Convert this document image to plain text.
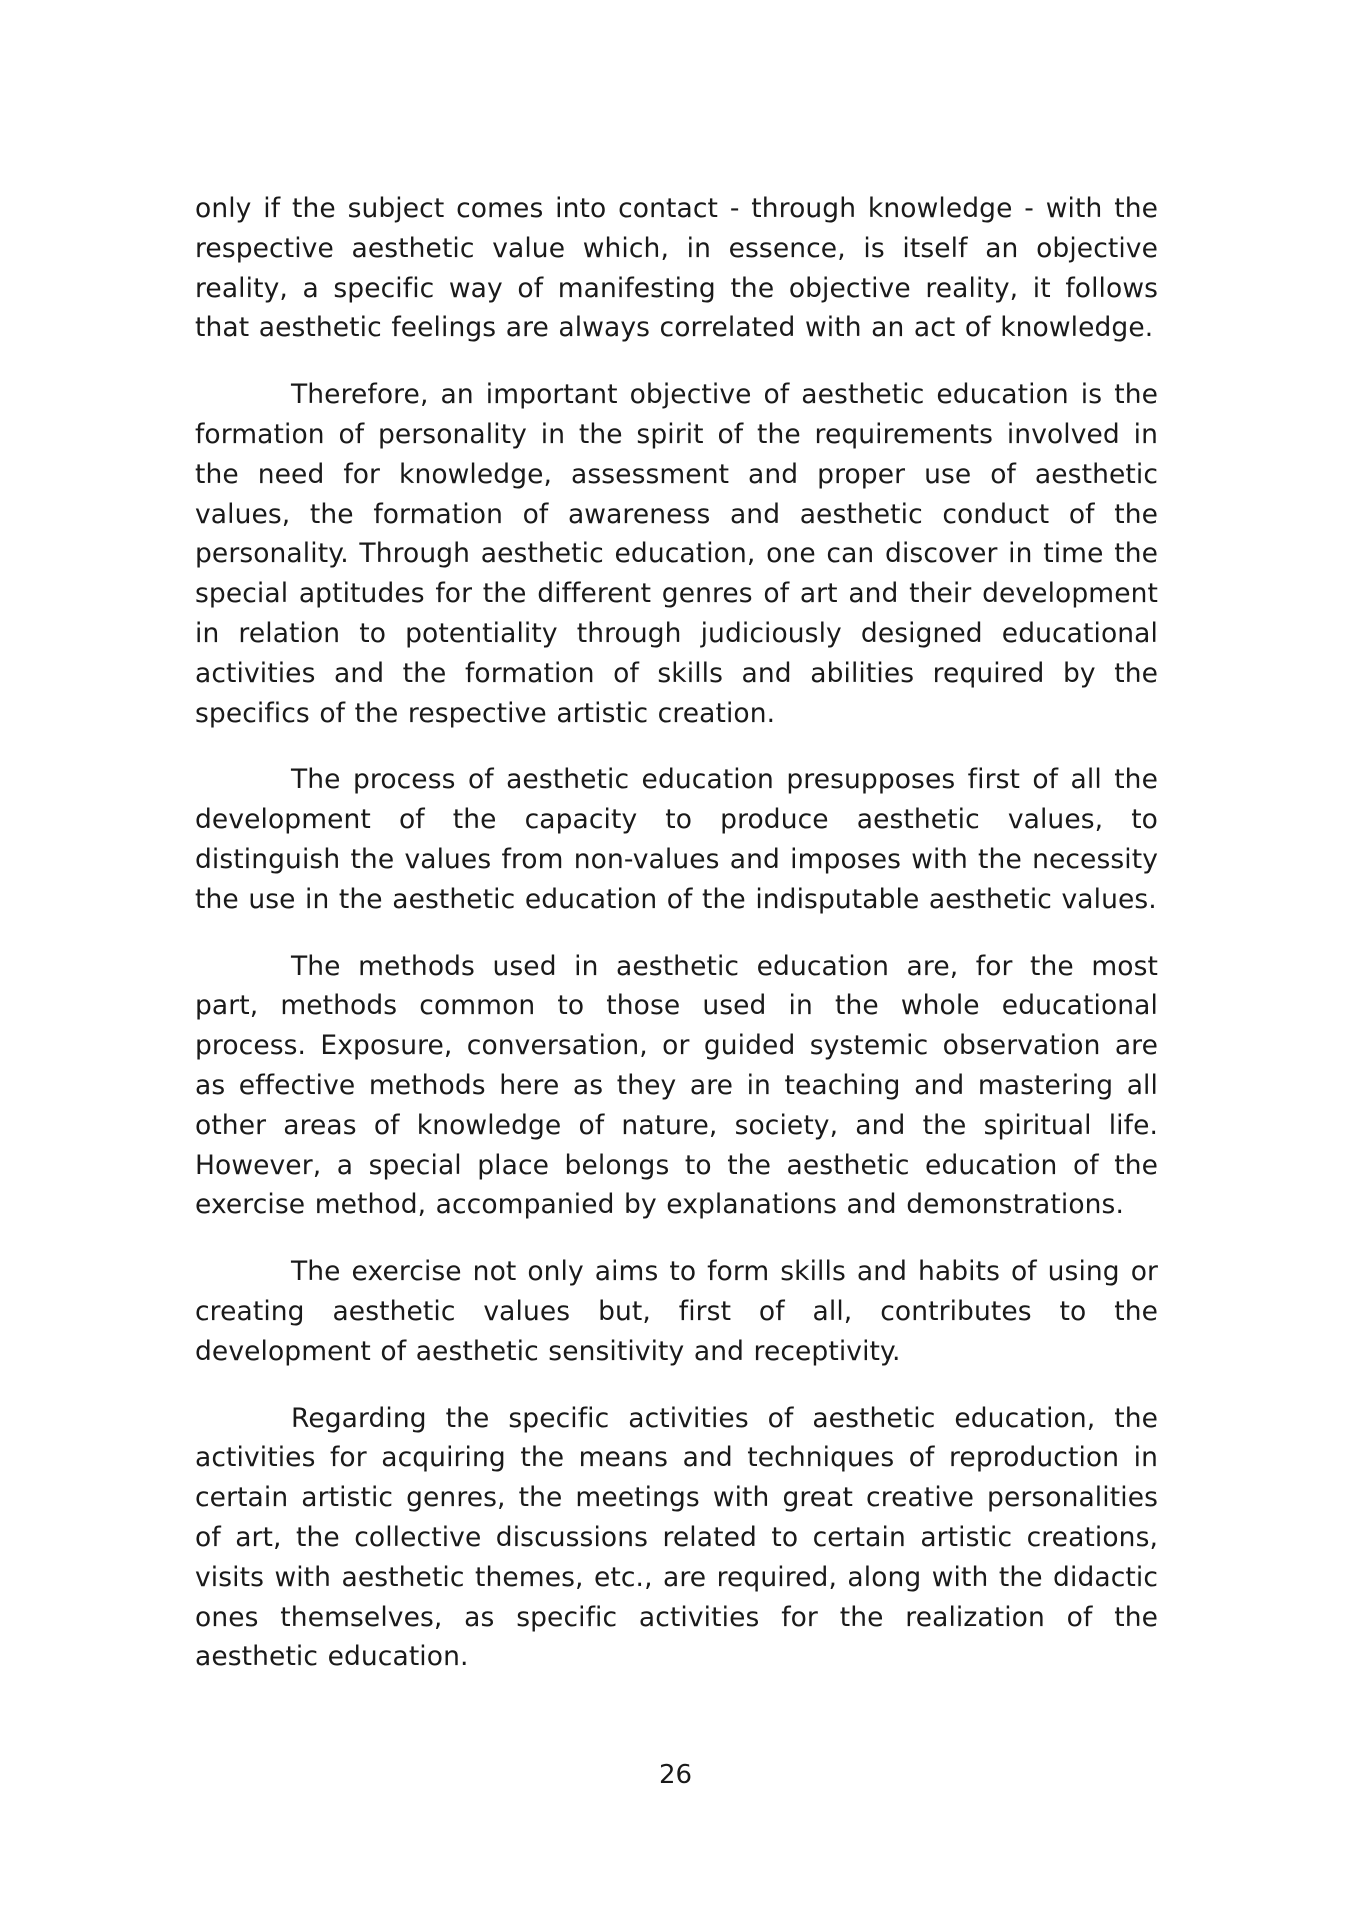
only if the subject comes into contact - through knowledge - with the respective aesthetic value which, in essence, is itself an objective reality, a specific way of manifesting the objective reality, it follows that aesthetic feelings are always correlated with an act of knowledge.

Therefore, an important objective of aesthetic education is the formation of personality in the spirit of the requirements involved in the need for knowledge, assessment and proper use of aesthetic values, the formation of awareness and aesthetic conduct of the personality. Through aesthetic education, one can discover in time the special aptitudes for the different genres of art and their development in relation to potentiality through judiciously designed educational activities and the formation of skills and abilities required by the specifics of the respective artistic creation.

The process of aesthetic education presupposes first of all the development of the capacity to produce aesthetic values, to distinguish the values from non-values and imposes with the necessity the use in the aesthetic education of the indisputable aesthetic values.

The methods used in aesthetic education are, for the most part, methods common to those used in the whole educational process. Exposure, conversation, or guided systemic observation are as effective methods here as they are in teaching and mastering all other areas of knowledge of nature, society, and the spiritual life. However, a special place belongs to the aesthetic education of the exercise method, accompanied by explanations and demonstrations.

The exercise not only aims to form skills and habits of using or creating aesthetic values but, first of all, contributes to the development of aesthetic sensitivity and receptivity.

Regarding the specific activities of aesthetic education, the activities for acquiring the means and techniques of reproduction in certain artistic genres, the meetings with great creative personalities of art, the collective discussions related to certain artistic creations, visits with aesthetic themes, etc., are required, along with the didactic ones themselves, as specific activities for the realization of the aesthetic education.

26
